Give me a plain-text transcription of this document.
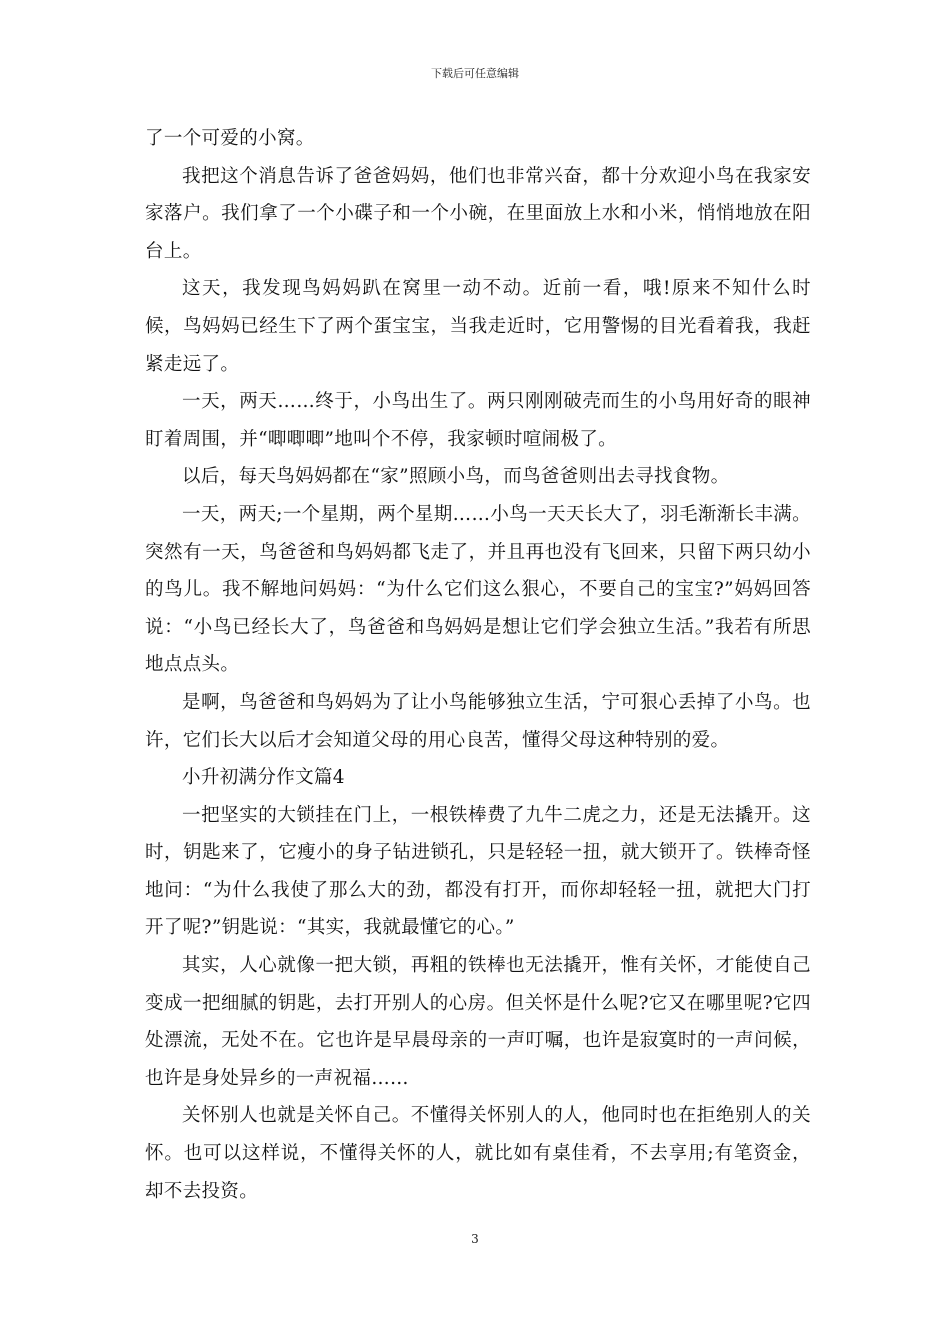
下载后可任意编辑

了一个可爱的小窝。

我把这个消息告诉了爸爸妈妈，他们也非常兴奋，都十分欢迎小鸟在我家安家落户。我们拿了一个小碟子和一个小碗，在里面放上水和小米，悄悄地放在阳台上。

这天，我发现鸟妈妈趴在窝里一动不动。近前一看，哦!原来不知什么时候，鸟妈妈已经生下了两个蛋宝宝，当我走近时，它用警惕的目光看着我，我赶紧走远了。

一天，两天……终于，小鸟出生了。两只刚刚破壳而生的小鸟用好奇的眼神盯着周围，并“唧唧唧”地叫个不停，我家顿时喧闹极了。

以后，每天鸟妈妈都在“家”照顾小鸟，而鸟爸爸则出去寻找食物。

一天，两天;一个星期，两个星期……小鸟一天天长大了，羽毛渐渐长丰满。突然有一天，鸟爸爸和鸟妈妈都飞走了，并且再也没有飞回来，只留下两只幼小的鸟儿。我不解地问妈妈：“为什么它们这么狠心，不要自己的宝宝?”妈妈回答说：“小鸟已经长大了，鸟爸爸和鸟妈妈是想让它们学会独立生活。”我若有所思地点点头。

是啊，鸟爸爸和鸟妈妈为了让小鸟能够独立生活，宁可狠心丢掉了小鸟。也许，它们长大以后才会知道父母的用心良苦，懂得父母这种特别的爱。

小升初满分作文篇4

一把坚实的大锁挂在门上，一根铁棒费了九牛二虎之力，还是无法撬开。这时，钥匙来了，它瘦小的身子钻进锁孔，只是轻轻一扭，就大锁开了。铁棒奇怪地问：“为什么我使了那么大的劲，都没有打开，而你却轻轻一扭，就把大门打开了呢?”钥匙说：“其实，我就最懂它的心。”

其实，人心就像一把大锁，再粗的铁棒也无法撬开，惟有关怀，才能使自己变成一把细腻的钥匙，去打开别人的心房。但关怀是什么呢?它又在哪里呢?它四处漂流，无处不在。它也许是早晨母亲的一声叮嘱，也许是寂寞时的一声问候，也许是身处异乡的一声祝福……

关怀别人也就是关怀自己。不懂得关怀别人的人，他同时也在拒绝别人的关怀。也可以这样说，不懂得关怀的人，就比如有桌佳肴，不去享用;有笔资金，却不去投资。

3
